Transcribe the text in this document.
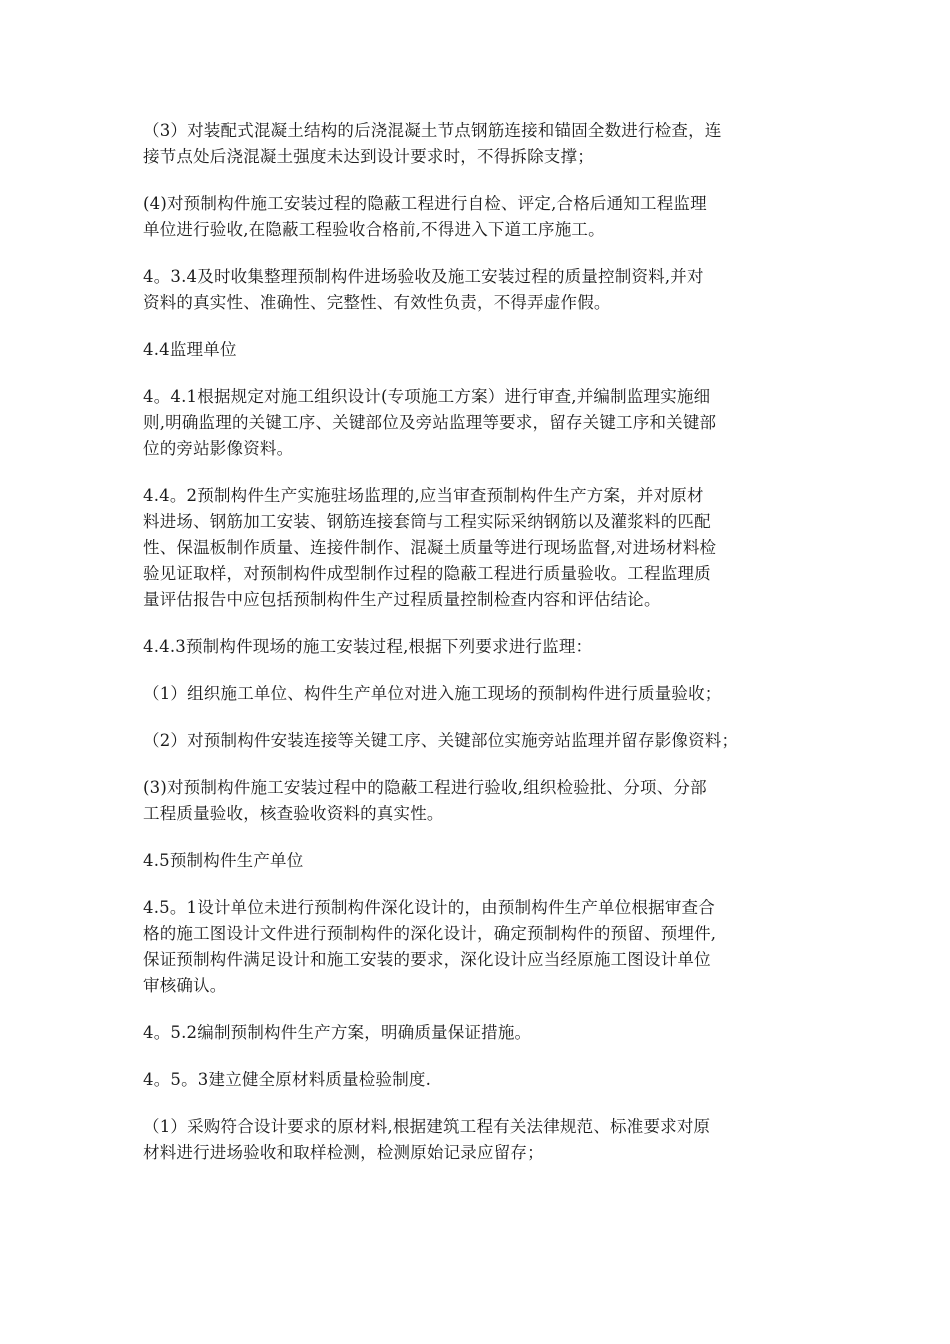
（3）对装配式混凝土结构的后浇混凝土节点钢筋连接和锚固全数进行检查，连
接节点处后浇混凝土强度未达到设计要求时，不得拆除支撑；

(4)对预制构件施工安装过程的隐蔽工程进行自检、评定,合格后通知工程监理
单位进行验收,在隐蔽工程验收合格前,不得进入下道工序施工。

4。3.4及时收集整理预制构件进场验收及施工安装过程的质量控制资料,并对
资料的真实性、准确性、完整性、有效性负责，不得弄虚作假。

4.4监理单位

4。4.1根据规定对施工组织设计(专项施工方案）进行审查,并编制监理实施细
则,明确监理的关键工序、关键部位及旁站监理等要求，留存关键工序和关键部
位的旁站影像资料。

4.4。2预制构件生产实施驻场监理的,应当审查预制构件生产方案，并对原材
料进场、钢筋加工安装、钢筋连接套筒与工程实际采纳钢筋以及灌浆料的匹配
性、保温板制作质量、连接件制作、混凝土质量等进行现场监督,对进场材料检
验见证取样，对预制构件成型制作过程的隐蔽工程进行质量验收。工程监理质
量评估报告中应包括预制构件生产过程质量控制检查内容和评估结论。

4.4.3预制构件现场的施工安装过程,根据下列要求进行监理：

（1）组织施工单位、构件生产单位对进入施工现场的预制构件进行质量验收；

（2）对预制构件安装连接等关键工序、关键部位实施旁站监理并留存影像资料；

(3)对预制构件施工安装过程中的隐蔽工程进行验收,组织检验批、分项、分部
工程质量验收，核查验收资料的真实性。

4.5预制构件生产单位

4.5。1设计单位未进行预制构件深化设计的，由预制构件生产单位根据审查合
格的施工图设计文件进行预制构件的深化设计，确定预制构件的预留、预埋件,
保证预制构件满足设计和施工安装的要求，深化设计应当经原施工图设计单位
审核确认。

4。5.2编制预制构件生产方案，明确质量保证措施。

4。5。3建立健全原材料质量检验制度.

（1）采购符合设计要求的原材料,根据建筑工程有关法律规范、标准要求对原
材料进行进场验收和取样检测，检测原始记录应留存；
